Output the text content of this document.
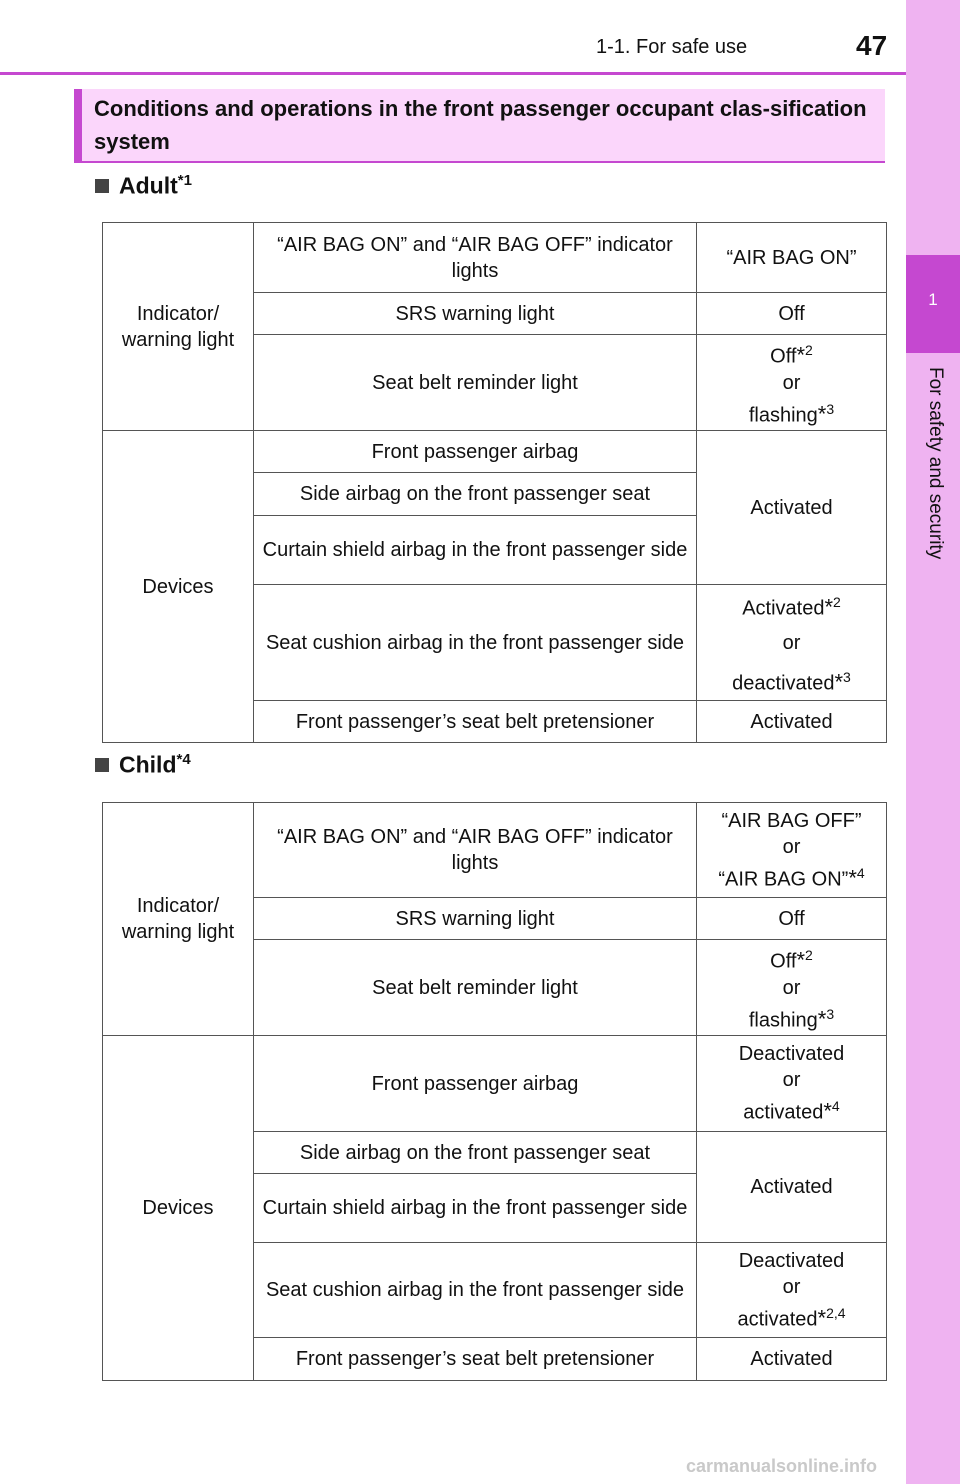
1
For safety and security
1-1. For safe use	47
Conditions and operations in the front passenger occupant clas-sification system
Adult$^{*1}$
Indicator/ warning light	“AIR BAG ON” and “AIR BAG OFF” indicator lights	“AIR BAG ON”
	SRS warning light	Off
	Seat belt reminder light	Off*$^2$
or
flashing*$^3$
Devices	Front passenger airbag	Activated
	Side airbag on the front passenger seat	
	Curtain shield airbag in the front passenger side	
	Seat cushion airbag in the front passenger side	Activated*$^2$
or
deactivated*$^3$
	Front passenger’s seat belt pretensioner	Activated
Child$^{*4}$
Indicator/ warning light	“AIR BAG ON” and “AIR BAG OFF” indicator lights	“AIR BAG OFF”
or
“AIR BAG ON”*$^4$
	SRS warning light	Off
	Seat belt reminder light	Off*$^2$
or
flashing*$^3$
Devices	Front passenger airbag	Deactivated
or
activated*$^4$
	Side airbag on the front passenger seat	Activated
	Curtain shield airbag in the front passenger side	
	Seat cushion airbag in the front passenger side	Deactivated
or
activated*$^{2,4}$
	Front passenger’s seat belt pretensioner	Activated
carmanualsonline.info
